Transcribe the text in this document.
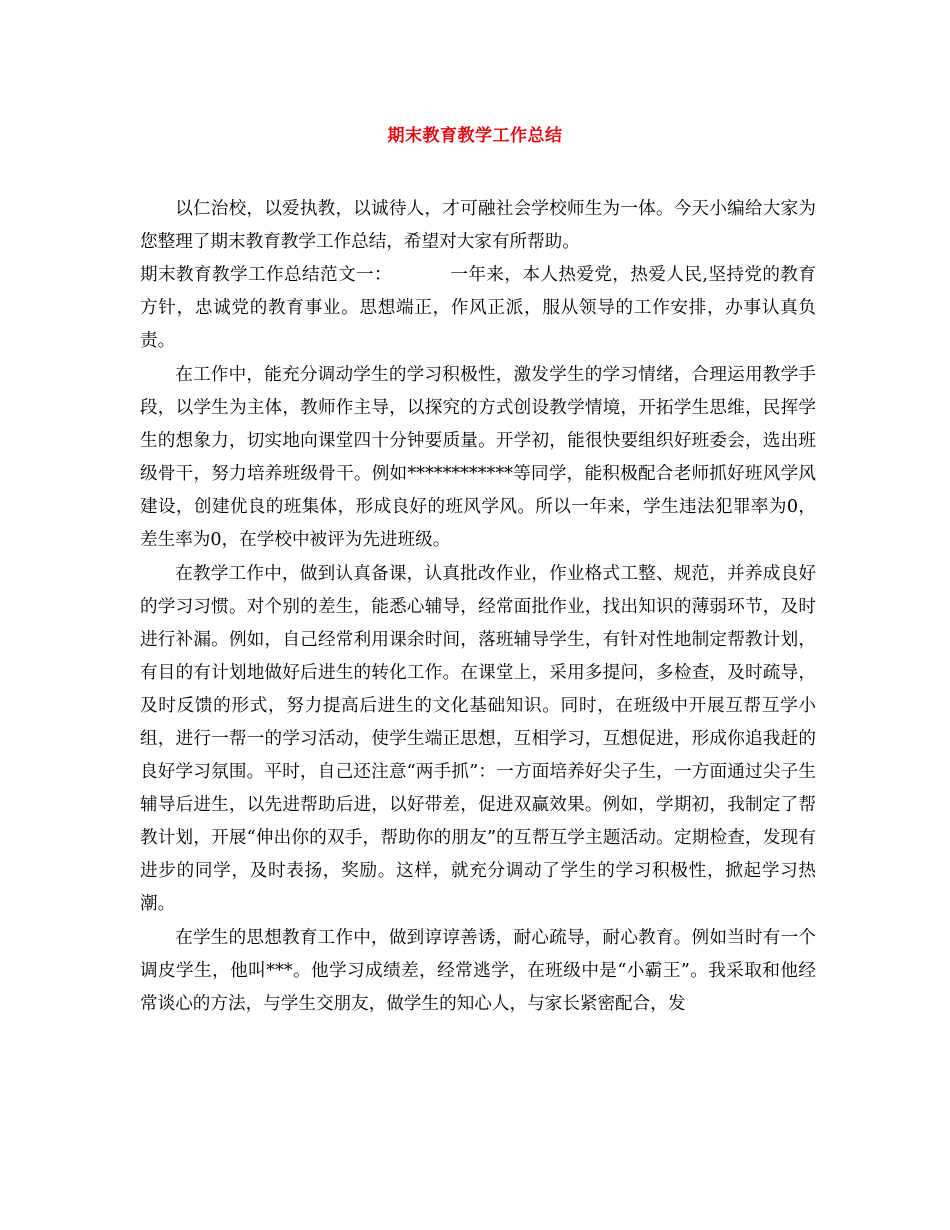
期末教育教学工作总结

以仁治校，以爱执教，以诚待人，才可融社会学校师生为一体。今天小编给大家为您整理了期末教育教学工作总结，希望对大家有所帮助。

期末教育教学工作总结范文一：	一年来，本人热爱党，热爱人民,坚持党的教育方针，忠诚党的教育事业。思想端正，作风正派，服从领导的工作安排，办事认真负责。

在工作中，能充分调动学生的学习积极性，激发学生的学习情绪，合理运用教学手段，以学生为主体，教师作主导，以探究的方式创设教学情境，开拓学生思维，民挥学生的想象力，切实地向课堂四十分钟要质量。开学初，能很快要组织好班委会，选出班级骨干，努力培养班级骨干。例如************等同学，能积极配合老师抓好班风学风建设，创建优良的班集体，形成良好的班风学风。所以一年来，学生违法犯罪率为0，差生率为0，在学校中被评为先进班级。

在教学工作中，做到认真备课，认真批改作业，作业格式工整、规范，并养成良好的学习习惯。对个别的差生，能悉心辅导，经常面批作业，找出知识的薄弱环节，及时进行补漏。例如，自己经常利用课余时间，落班辅导学生，有针对性地制定帮教计划，有目的有计划地做好后进生的转化工作。在课堂上，采用多提问，多检查，及时疏导，及时反馈的形式，努力提高后进生的文化基础知识。同时，在班级中开展互帮互学小组，进行一帮一的学习活动，使学生端正思想，互相学习，互想促进，形成你追我赶的良好学习氛围。平时，自己还注意“两手抓”：一方面培养好尖子生，一方面通过尖子生辅导后进生，以先进帮助后进，以好带差，促进双赢效果。例如，学期初，我制定了帮教计划，开展“伸出你的双手，帮助你的朋友”的互帮互学主题活动。定期检查，发现有进步的同学，及时表扬，奖励。这样，就充分调动了学生的学习积极性，掀起学习热潮。

在学生的思想教育工作中，做到谆谆善诱，耐心疏导，耐心教育。例如当时有一个调皮学生，他叫***。他学习成绩差，经常逃学，在班级中是“小霸王”。我采取和他经常谈心的方法，与学生交朋友，做学生的知心人，与家长紧密配合，发
